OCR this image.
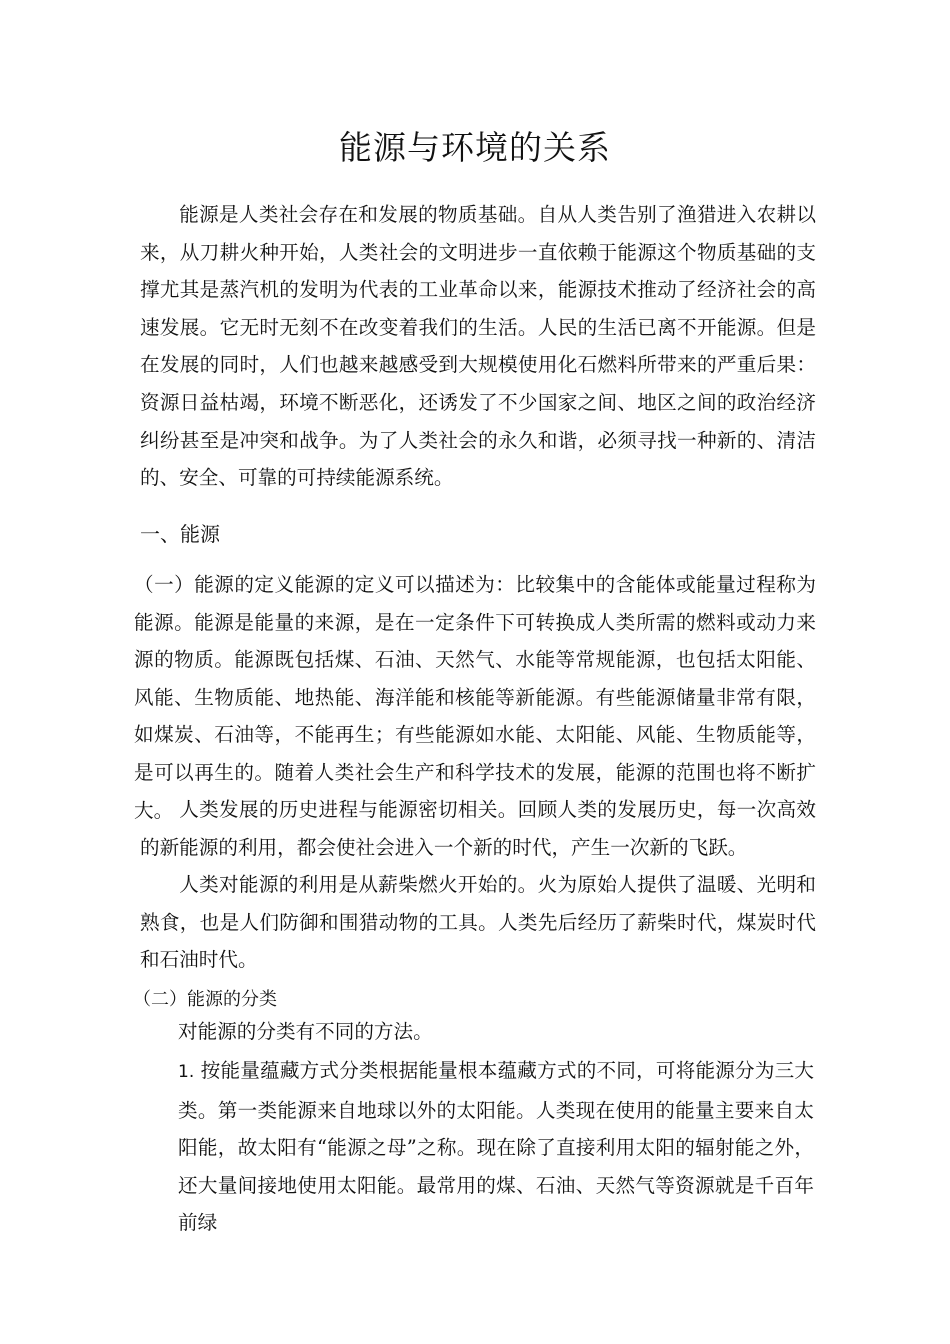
能源与环境的关系

能源是人类社会存在和发展的物质基础。自从人类告别了渔猎进入农耕以来，从刀耕火种开始，人类社会的文明进步一直依赖于能源这个物质基础的支撑尤其是蒸汽机的发明为代表的工业革命以来，能源技术推动了经济社会的高速发展。它无时无刻不在改变着我们的生活。人民的生活已离不开能源。但是在发展的同时，人们也越来越感受到大规模使用化石燃料所带来的严重后果：资源日益枯竭，环境不断恶化，还诱发了不少国家之间、地区之间的政治经济纠纷甚至是冲突和战争。为了人类社会的永久和谐，必须寻找一种新的、清洁的、安全、可靠的可持续能源系统。

一、能源

（一）能源的定义能源的定义可以描述为：比较集中的含能体或能量过程称为能源。能源是能量的来源，是在一定条件下可转换成人类所需的燃料或动力来源的物质。能源既包括煤、石油、天然气、水能等常规能源，也包括太阳能、风能、生物质能、地热能、海洋能和核能等新能源。有些能源储量非常有限，如煤炭、石油等，不能再生；有些能源如水能、太阳能、风能、生物质能等，是可以再生的。随着人类社会生产和科学技术的发展，能源的范围也将不断扩大。 人类发展的历史进程与能源密切相关。回顾人类的发展历史，每一次高效的新能源的利用，都会使社会进入一个新的时代，产生一次新的飞跃。

人类对能源的利用是从薪柴燃火开始的。火为原始人提供了温暖、光明和熟食，也是人们防御和围猎动物的工具。人类先后经历了薪柴时代，煤炭时代和石油时代。

（二）能源的分类

对能源的分类有不同的方法。

1. 按能量蕴藏方式分类根据能量根本蕴藏方式的不同，可将能源分为三大类。第一类能源来自地球以外的太阳能。人类现在使用的能量主要来自太阳能，故太阳有“能源之母”之称。现在除了直接利用太阳的辐射能之外，还大量间接地使用太阳能。最常用的煤、石油、天然气等资源就是千百年前绿
